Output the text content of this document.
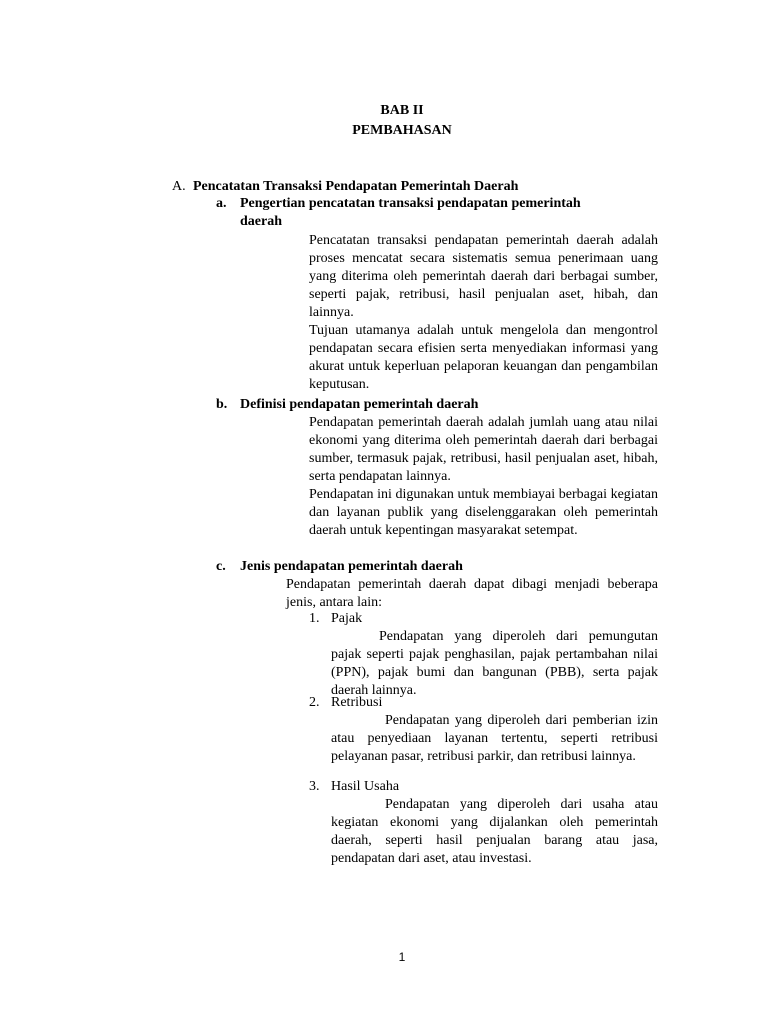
BAB II
PEMBAHASAN
A. Pencatatan Transaksi Pendapatan Pemerintah Daerah
a. Pengertian pencatatan transaksi pendapatan pemerintah
daerah

Pencatatan transaksi pendapatan pemerintah daerah adalah proses mencatat secara sistematis semua penerimaan uang yang diterima oleh pemerintah daerah dari berbagai sumber, seperti pajak, retribusi, hasil penjualan aset, hibah, dan lainnya.

Tujuan utamanya adalah untuk mengelola dan mengontrol pendapatan secara efisien serta menyediakan informasi yang akurat untuk keperluan pelaporan keuangan dan pengambilan keputusan.

b. Definisi pendapatan pemerintah daerah

Pendapatan pemerintah daerah adalah jumlah uang atau nilai ekonomi yang diterima oleh pemerintah daerah dari berbagai sumber, termasuk pajak, retribusi, hasil penjualan aset, hibah, serta pendapatan lainnya.

Pendapatan ini digunakan untuk membiayai berbagai kegiatan dan layanan publik yang diselenggarakan oleh pemerintah daerah untuk kepentingan masyarakat setempat.

c. Jenis pendapatan pemerintah daerah

Pendapatan pemerintah daerah dapat dibagi menjadi beberapa jenis, antara lain:

1. Pajak

Pendapatan yang diperoleh dari pemungutan pajak seperti pajak penghasilan, pajak pertambahan nilai (PPN), pajak bumi dan bangunan (PBB), serta pajak daerah lainnya.

2. Retribusi

Pendapatan yang diperoleh dari pemberian izin atau penyediaan layanan tertentu, seperti retribusi pelayanan pasar, retribusi parkir, dan retribusi lainnya.

3. Hasil Usaha

Pendapatan yang diperoleh dari usaha atau kegiatan ekonomi yang dijalankan oleh pemerintah daerah, seperti hasil penjualan barang atau jasa, pendapatan dari aset, atau investasi.

1
